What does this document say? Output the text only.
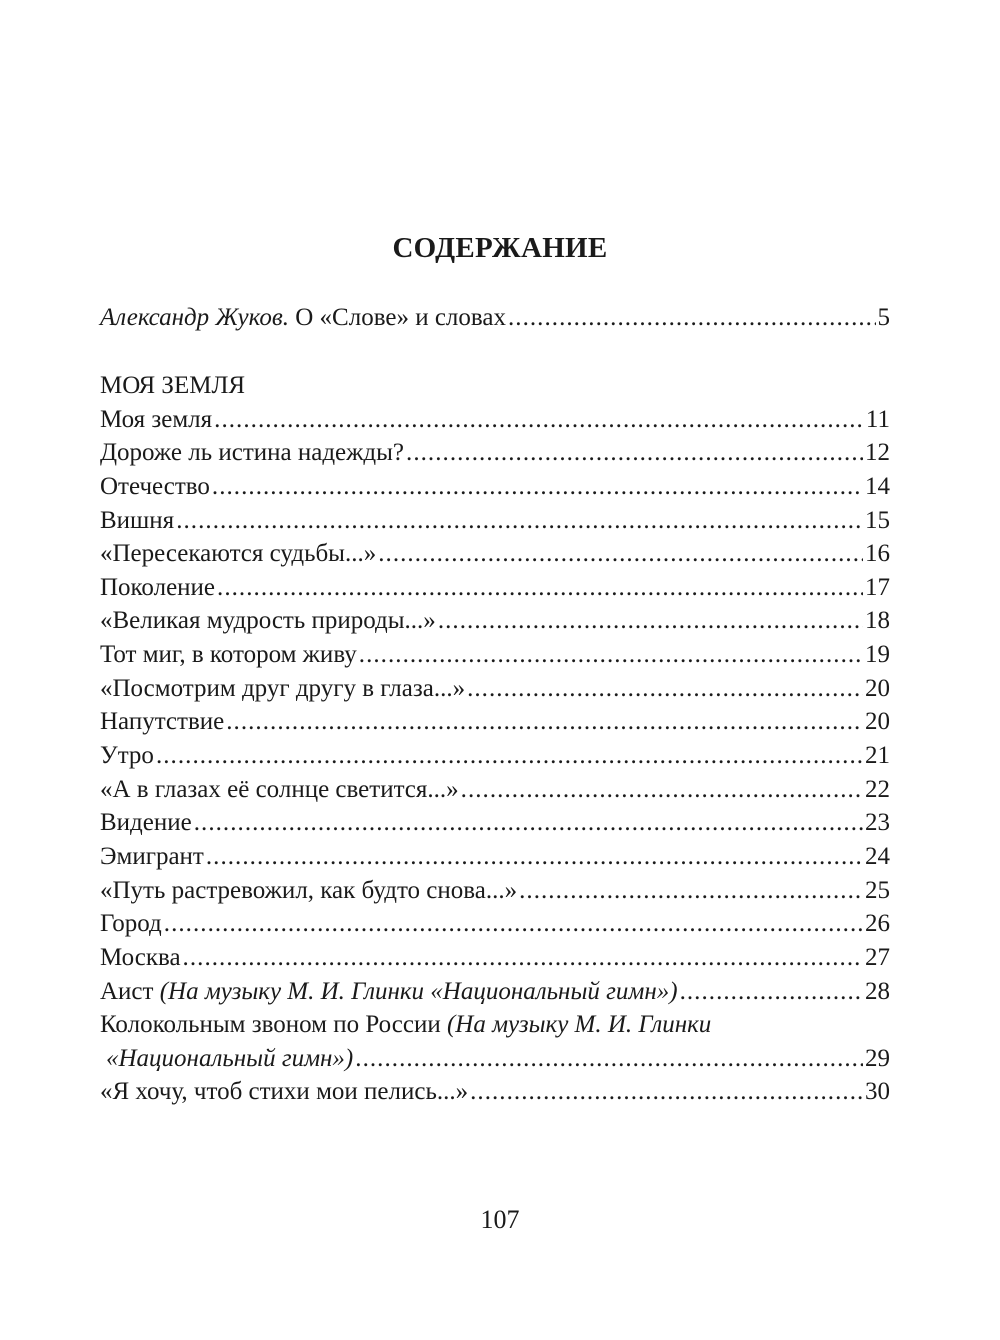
СОДЕРЖАНИЕ
Александр Жуков. О «Слове» и словах . . .	5
МОЯ ЗЕМЛЯ
Моя земля . . .	11
Дороже ль истина надежды? . . .	12
Отечество . . .	14
Вишня . . .	15
«Пересекаются судьбы...» . . .	16
Поколение . . .	17
«Великая мудрость природы...» . . .	18
Тот миг, в котором живу . . .	19
«Посмотрим друг другу в глаза...» . . .	20
Напутствие . . .	20
Утро . . .	21
«А в глазах её солнце светится...» . . .	22
Видение . . .	23
Эмигрант . . .	24
«Путь растревожил, как будто снова...» . . .	25
Город . . .	26
Москва . . .	27
Аист (На музыку М. И. Глинки «Национальный гимн») . . .	28
Колокольным звоном по России (На музыку М. И. Глинки
«Национальный гимн») . . .	29
«Я хочу, чтоб стихи мои пелись...» . . .	30
107
